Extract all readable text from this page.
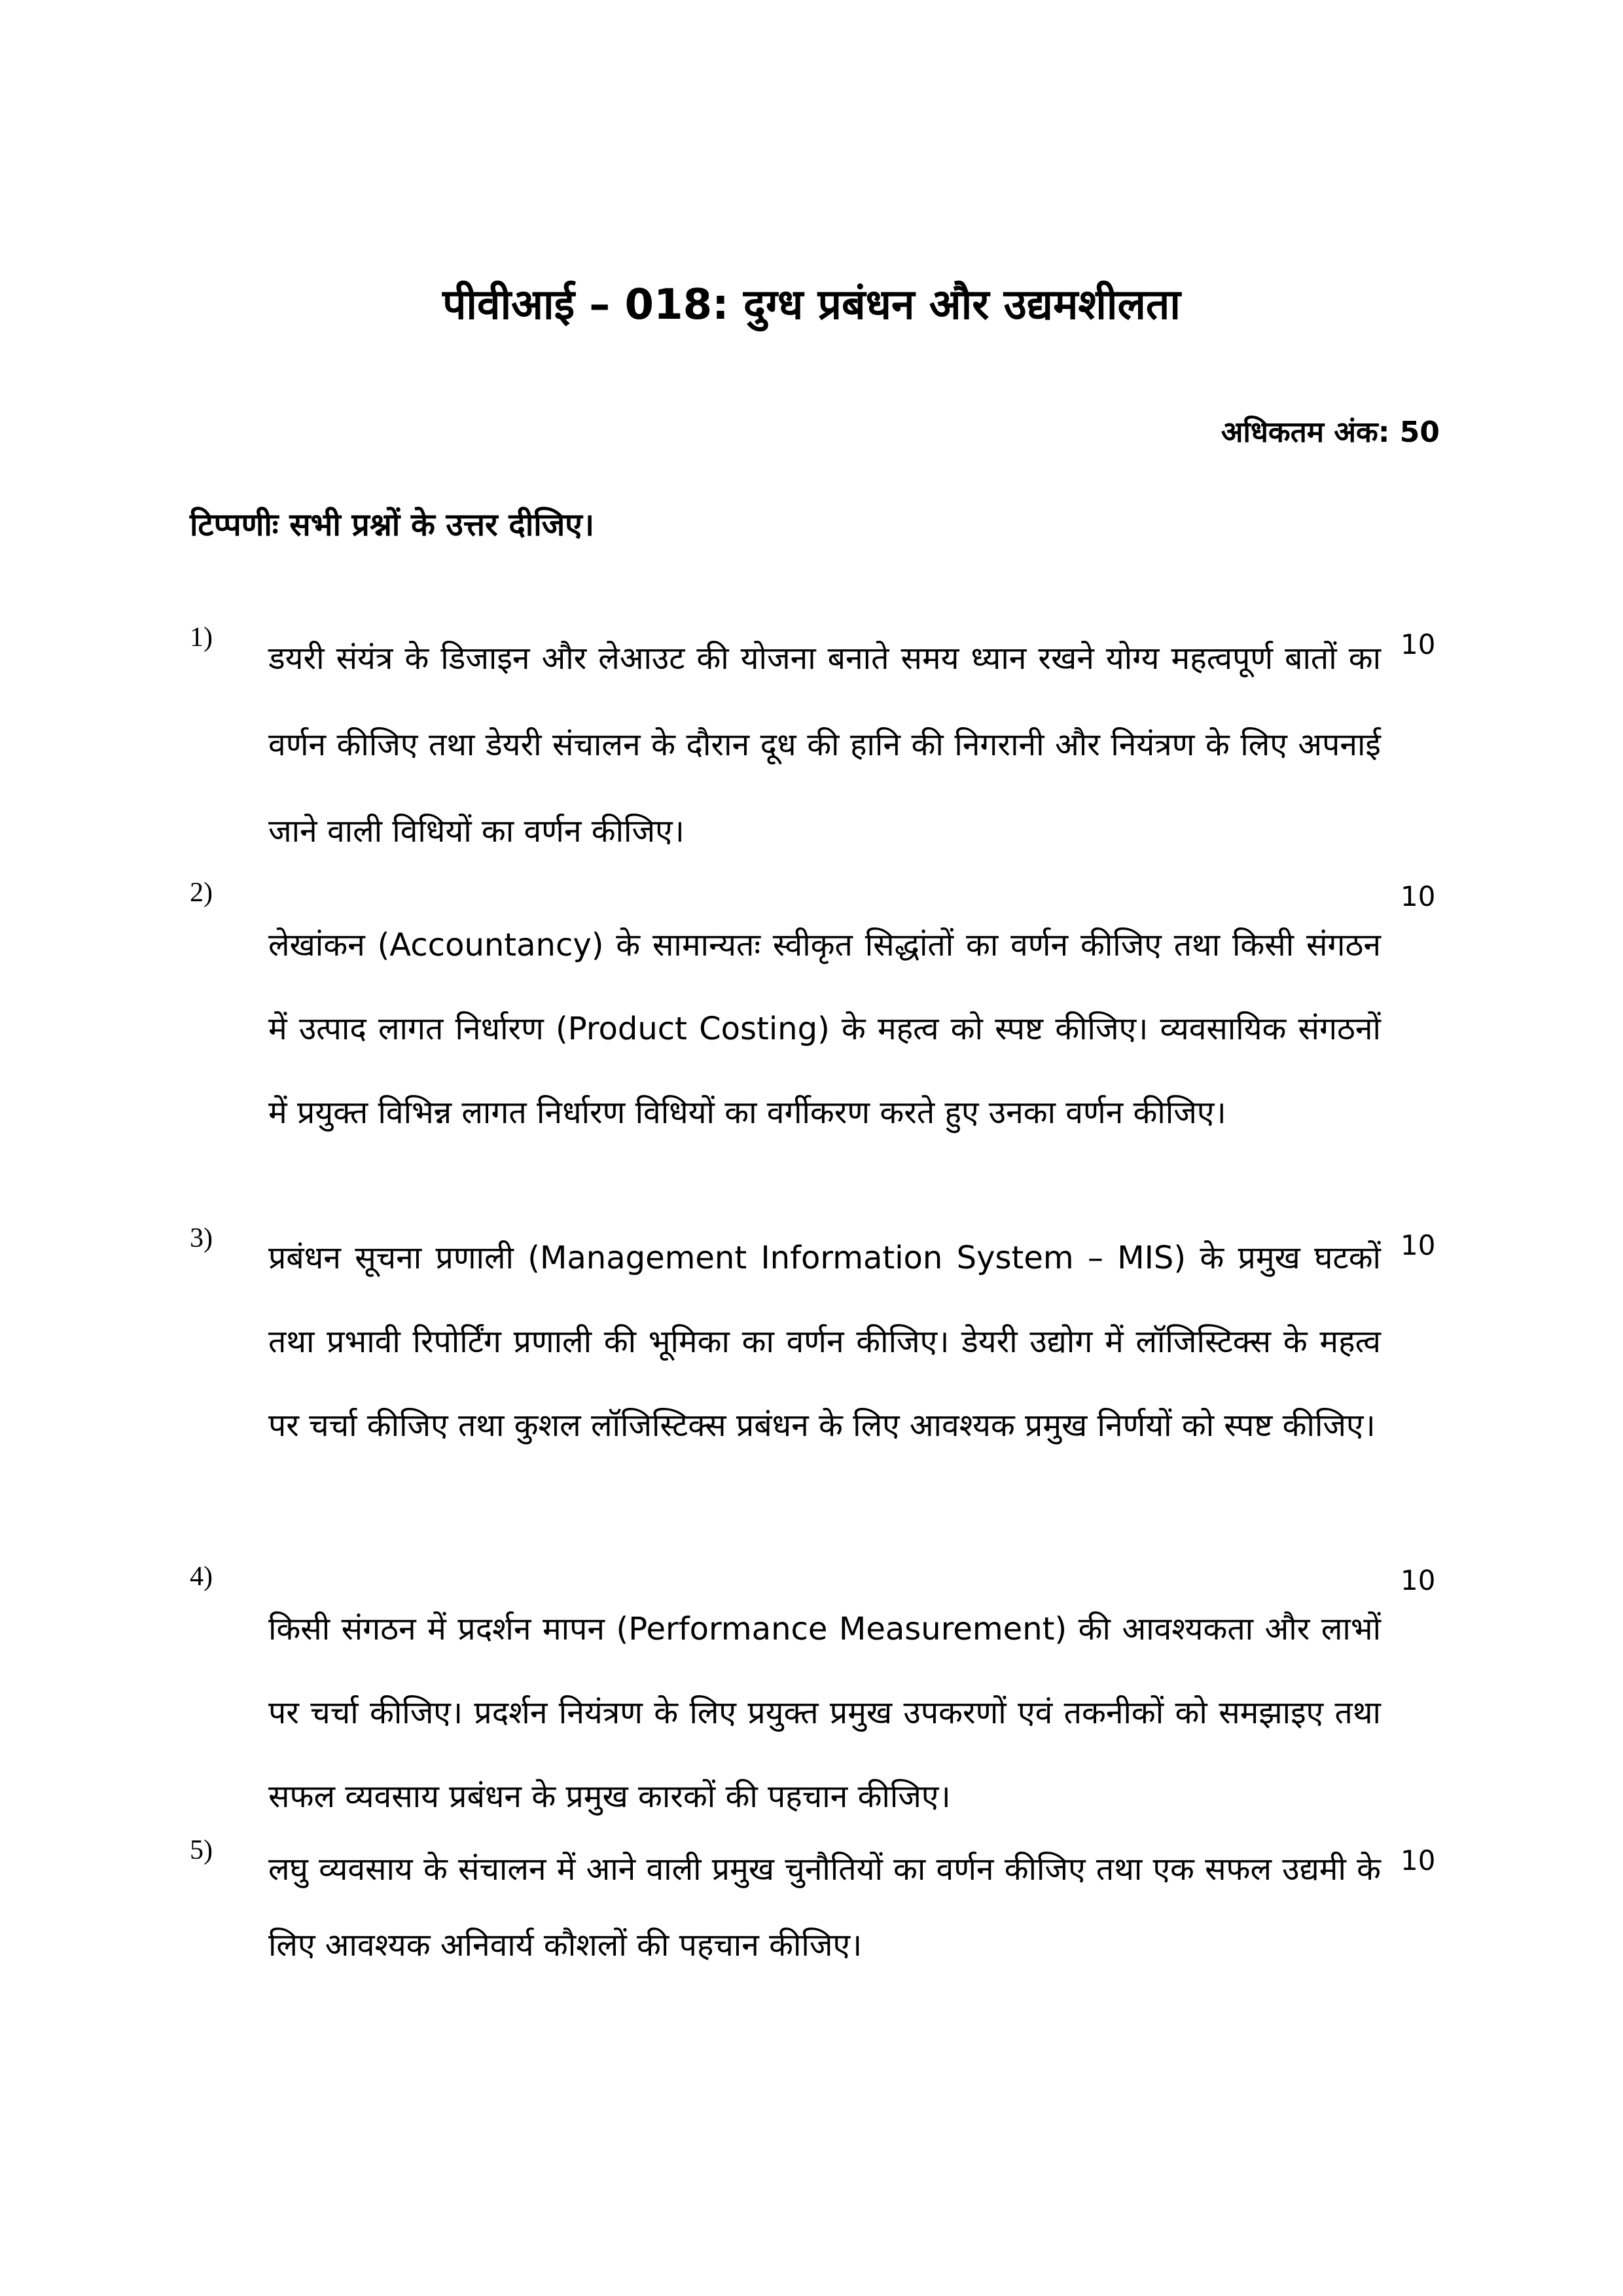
पीवीआई – 018: दुग्ध प्रबंधन और उद्यमशीलता
अधिकतम अंक: 50
टिप्पणीः सभी प्रश्नों के उत्तर दीजिए।
1)
डयरी संयंत्र के डिजाइन और लेआउट की योजना बनाते समय ध्यान रखने योग्य महत्वपूर्ण बातों का वर्णन कीजिए तथा डेयरी संचालन के दौरान दूध की हानि की निगरानी और नियंत्रण के लिए अपनाई जाने वाली विधियों का वर्णन कीजिए।
10
2)
लेखांकन (Accountancy) के सामान्यतः स्वीकृत सिद्धांतों का वर्णन कीजिए तथा किसी संगठन में उत्पाद लागत निर्धारण (Product Costing) के महत्व को स्पष्ट कीजिए। व्यवसायिक संगठनों में प्रयुक्त विभिन्न लागत निर्धारण विधियों का वर्गीकरण करते हुए उनका वर्णन कीजिए।
10
3)
प्रबंधन सूचना प्रणाली (Management Information System – MIS) के प्रमुख घटकों तथा प्रभावी रिपोर्टिंग प्रणाली की भूमिका का वर्णन कीजिए। डेयरी उद्योग में लॉजिस्टिक्स के महत्व पर चर्चा कीजिए तथा कुशल लॉजिस्टिक्स प्रबंधन के लिए आवश्यक प्रमुख निर्णयों को स्पष्ट कीजिए।
10
4)
किसी संगठन में प्रदर्शन मापन (Performance Measurement) की आवश्यकता और लाभों पर चर्चा कीजिए। प्रदर्शन नियंत्रण के लिए प्रयुक्त प्रमुख उपकरणों एवं तकनीकों को समझाइए तथा सफल व्यवसाय प्रबंधन के प्रमुख कारकों की पहचान कीजिए।
10
5)
लघु व्यवसाय के संचालन में आने वाली प्रमुख चुनौतियों का वर्णन कीजिए तथा एक सफल उद्यमी के लिए आवश्यक अनिवार्य कौशलों की पहचान कीजिए।
10
